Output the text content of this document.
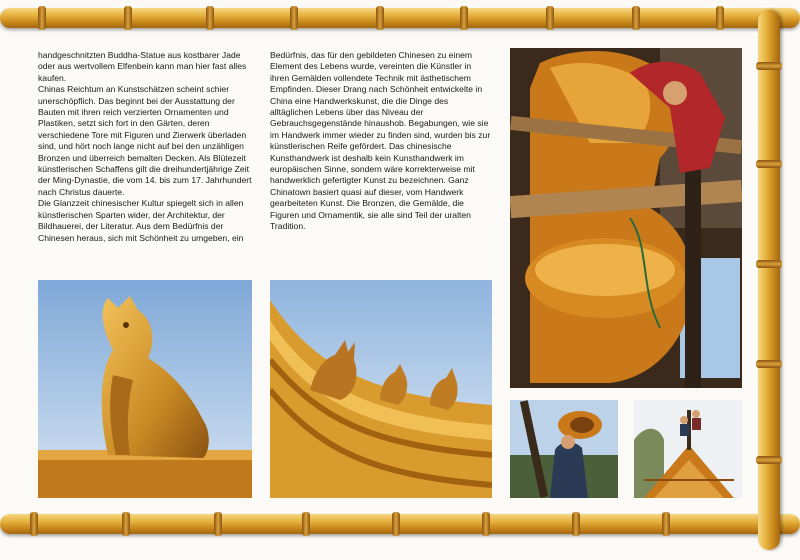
handgeschnitzten Buddha-Statue aus kostbarer Jade oder aus wertvollem Elfenbein kann man hier fast alles kaufen.

Chinas Reichtum an Kunstschätzen scheint schier unerschöpflich. Das beginnt bei der Ausstattung der Bauten mit ihren reich verzierten Ornamenten und Plastiken, setzt sich fort in den Gärten, deren verschiedene Tore mit Figuren und Zierwerk überladen sind, und hört noch lange nicht auf bei den unzähligen Bronzen und überreich bemalten Decken. Als Blütezeit künstlerischen Schaffens gilt die dreihundertjährige Zeit der Ming-Dynastie, die vom 14. bis zum 17. Jahrhundert nach Christus dauerte.

Die Glanzzeit chinesischer Kultur spiegelt sich in allen künstlerischen Sparten wider, der Architektur, der Bildhauerei, der Literatur. Aus dem Bedürfnis der Chinesen heraus, sich mit Schönheit zu umgeben, ein

Bedürfnis, das für den gebildeten Chinesen zu einem Element des Lebens wurde, vereinten die Künstler in ihren Gemälden vollendete Technik mit ästhetischem Empfinden. Dieser Drang nach Schönheit entwickelte in China eine Handwerkskunst, die die Dinge des alltäglichen Lebens über das Niveau der Gebrauchsgegenstände hinaushob. Begabungen, wie sie im Handwerk immer wieder zu finden sind, wurden bis zur künstlerischen Reife gefördert. Das chinesische Kunsthandwerk ist deshalb kein Kunsthandwerk im europäischen Sinne, sondern wäre korrekterweise mit handwerklich gefertigter Kunst zu bezeichnen. Ganz Chinatown basiert quasi auf dieser, vom Handwerk gearbeiteten Kunst. Die Bronzen, die Gemälde, die Figuren und Ornamentik, sie alle sind Teil der uralten Tradition.
